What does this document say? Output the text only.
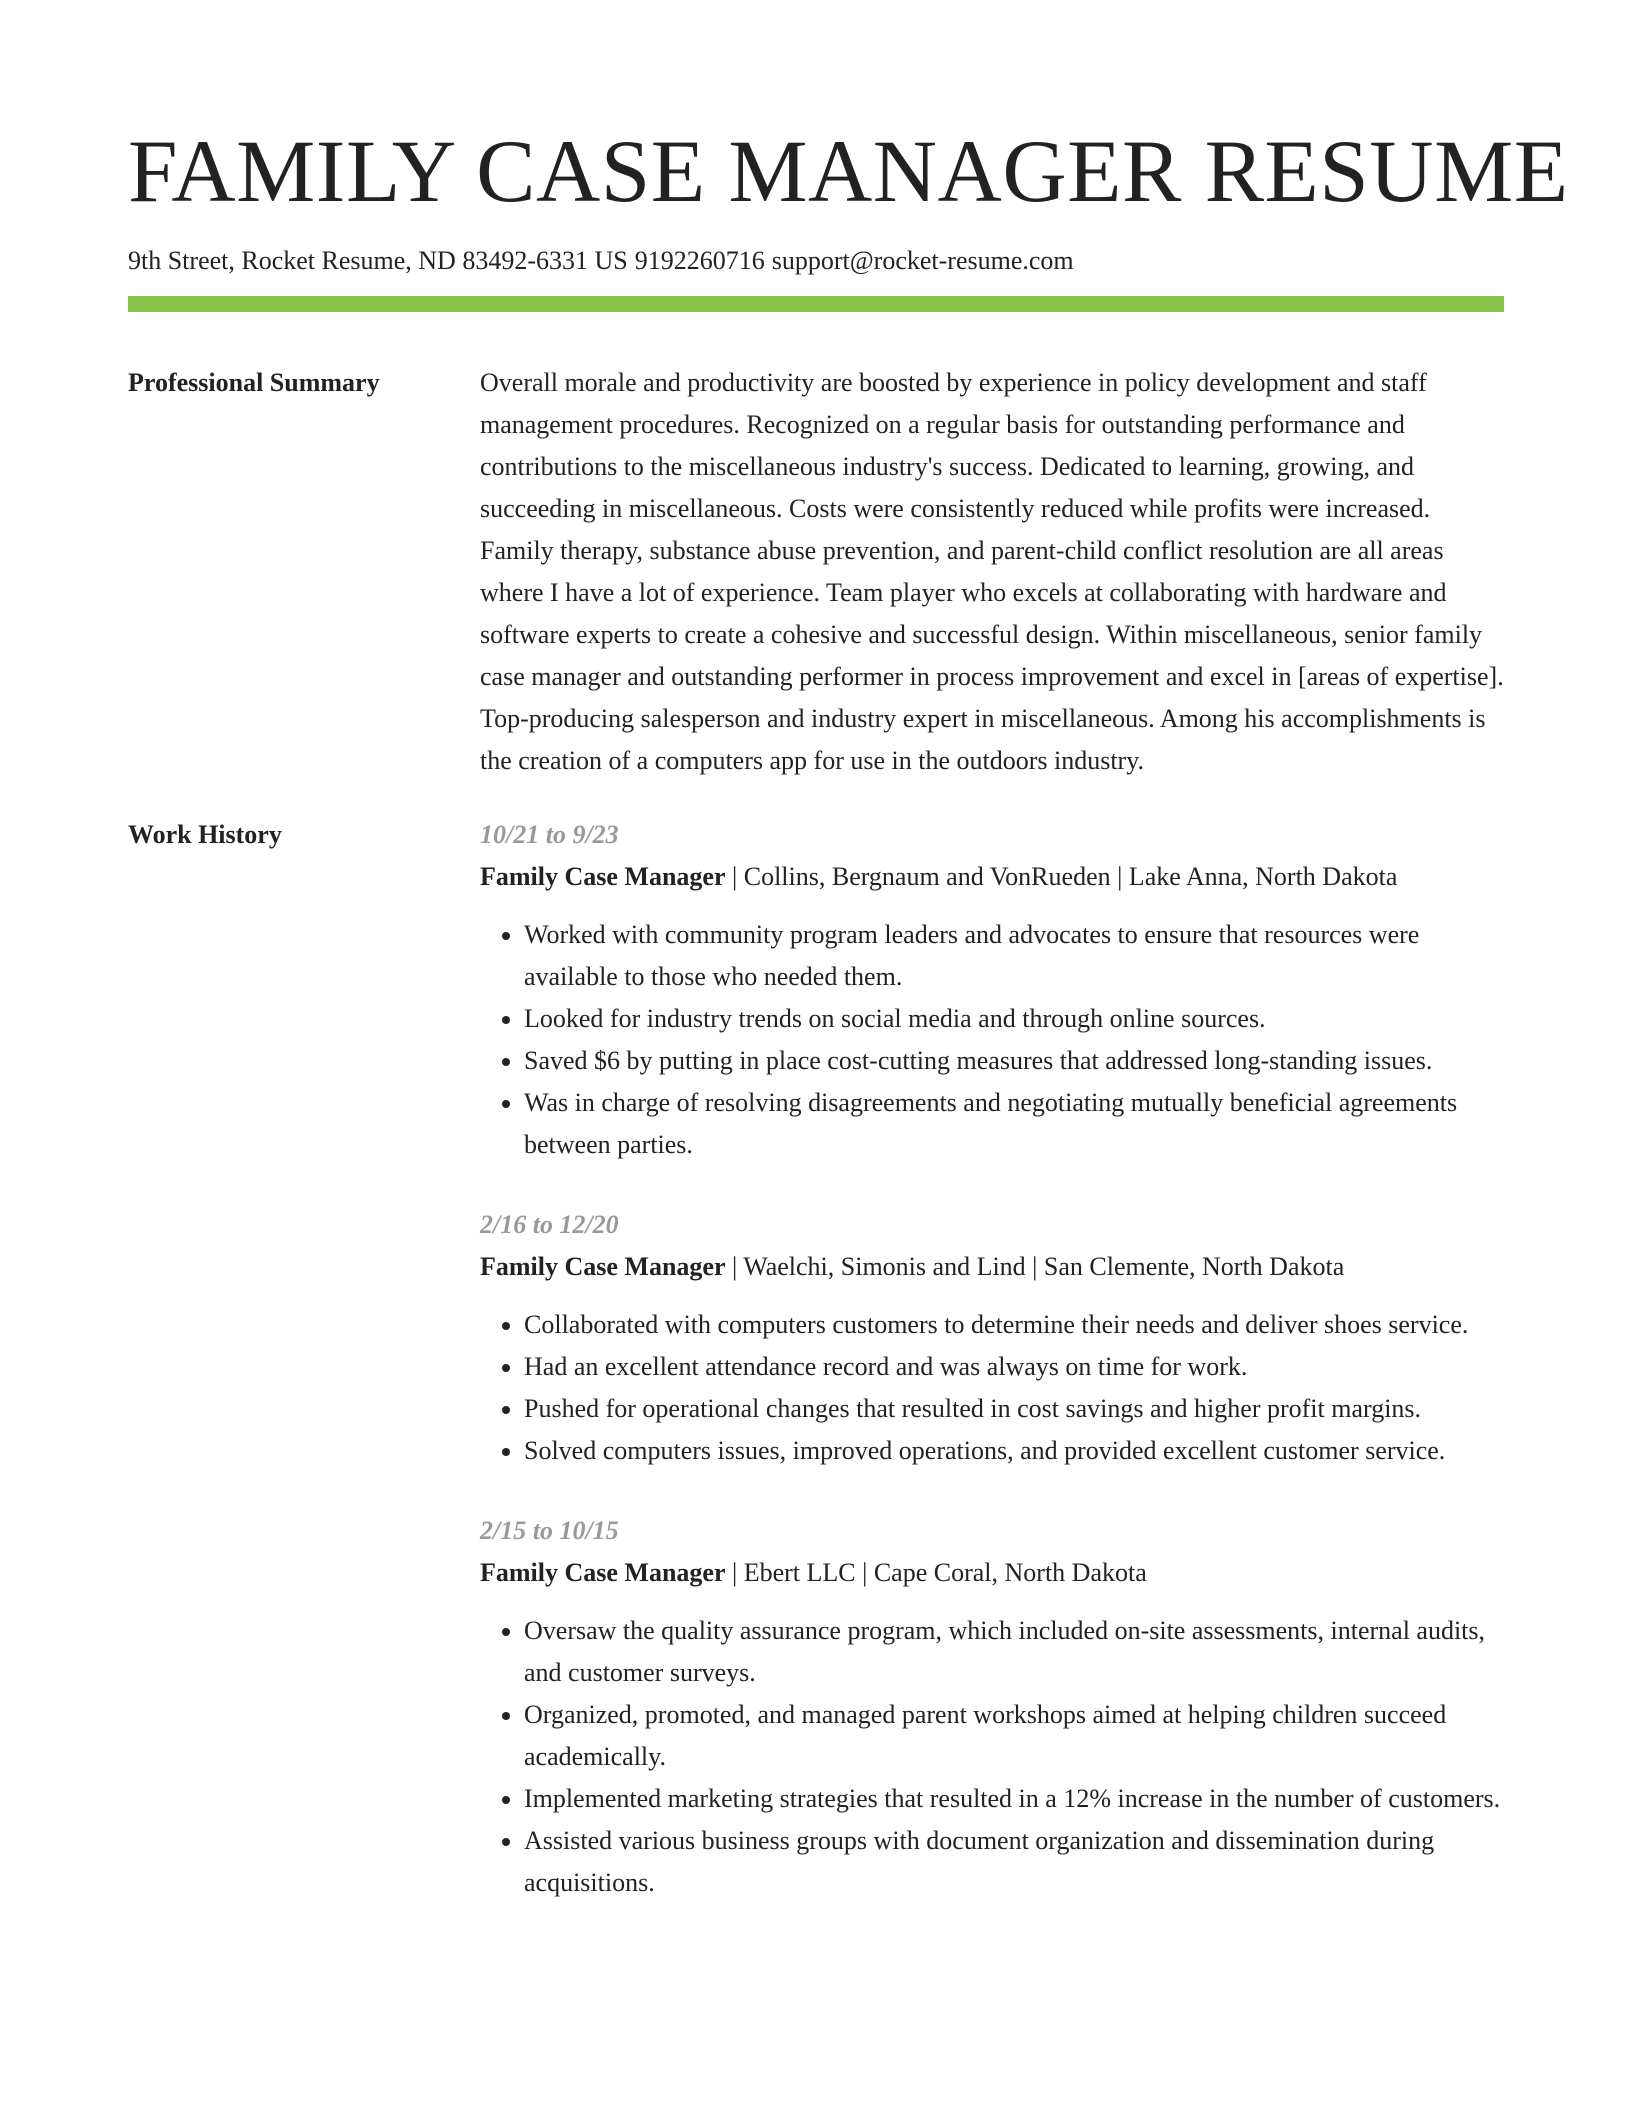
FAMILY CASE MANAGER RESUME
9th Street, Rocket Resume, ND 83492-6331 US 9192260716 support@rocket-resume.com
Professional Summary	Overall morale and productivity are boosted by experience in policy development and staff management procedures. Recognized on a regular basis for outstanding performance and contributions to the miscellaneous industry's success. Dedicated to learning, growing, and succeeding in miscellaneous. Costs were consistently reduced while profits were increased. Family therapy, substance abuse prevention, and parent-child conflict resolution are all areas where I have a lot of experience. Team player who excels at collaborating with hardware and software experts to create a cohesive and successful design. Within miscellaneous, senior family case manager and outstanding performer in process improvement and excel in [areas of expertise]. Top-producing salesperson and industry expert in miscellaneous. Among his accomplishments is the creation of a computers app for use in the outdoors industry.

Work History	10/21 to 9/23
Family Case Manager | Collins, Bergnaum and VonRueden | Lake Anna, North Dakota
• Worked with community program leaders and advocates to ensure that resources were available to those who needed them.
• Looked for industry trends on social media and through online sources.
• Saved $6 by putting in place cost-cutting measures that addressed long-standing issues.
• Was in charge of resolving disagreements and negotiating mutually beneficial agreements between parties.
2/16 to 12/20
Family Case Manager | Waelchi, Simonis and Lind | San Clemente, North Dakota
• Collaborated with computers customers to determine their needs and deliver shoes service.
• Had an excellent attendance record and was always on time for work.
• Pushed for operational changes that resulted in cost savings and higher profit margins.
• Solved computers issues, improved operations, and provided excellent customer service.
2/15 to 10/15
Family Case Manager | Ebert LLC | Cape Coral, North Dakota
• Oversaw the quality assurance program, which included on-site assessments, internal audits, and customer surveys.
• Organized, promoted, and managed parent workshops aimed at helping children succeed academically.
• Implemented marketing strategies that resulted in a 12% increase in the number of customers.
• Assisted various business groups with document organization and dissemination during acquisitions.
